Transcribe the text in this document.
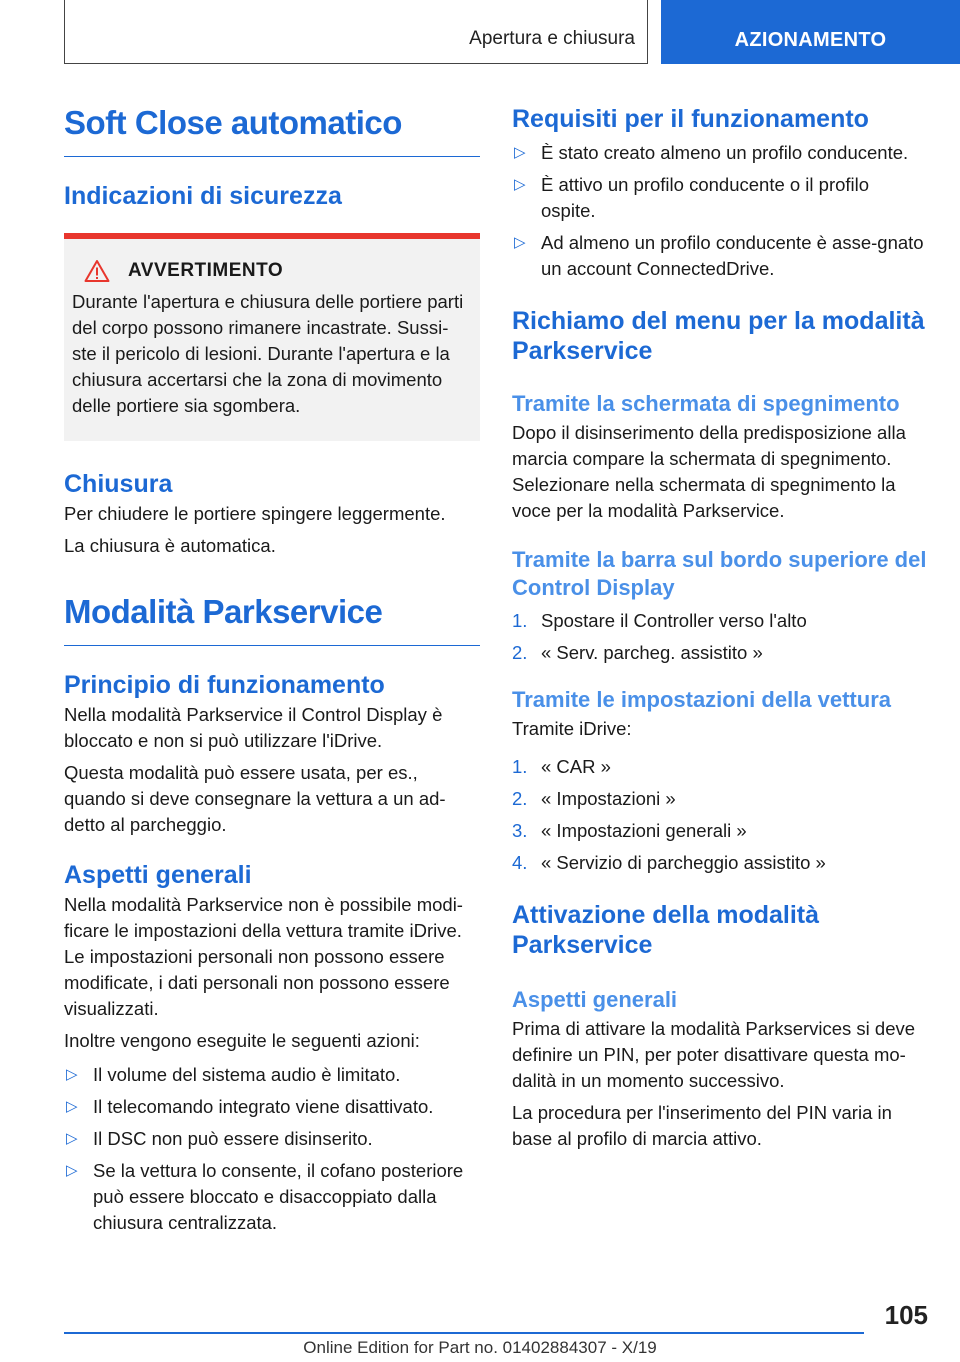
Apertura e chiusura	AZIONAMENTO
Soft Close automatico
Indicazioni di sicurezza
AVVERTIMENTO

Durante l'apertura e chiusura delle portiere parti del corpo possono rimanere incastrate. Sussi-ste il pericolo di lesioni. Durante l'apertura e la chiusura accertarsi che la zona di movimento delle portiere sia sgombera.

Chiusura

Per chiudere le portiere spingere leggermente.

La chiusura è automatica.

Modalità Parkservice
Principio di funzionamento

Nella modalità Parkservice il Control Display è bloccato e non si può utilizzare l'iDrive.

Questa modalità può essere usata, per es., quando si deve consegnare la vettura a un ad-detto al parcheggio.

Aspetti generali

Nella modalità Parkservice non è possibile modi-ficare le impostazioni della vettura tramite iDrive. Le impostazioni personali non possono essere modificate, i dati personali non possono essere visualizzati.

Inoltre vengono eseguite le seguenti azioni:

▷ Il volume del sistema audio è limitato.
▷ Il telecomando integrato viene disattivato.
▷ Il DSC non può essere disinserito.
▷ Se la vettura lo consente, il cofano posteriore può essere bloccato e disaccoppiato dalla chiusura centralizzata.
Requisiti per il funzionamento
▷ È stato creato almeno un profilo conducente.
▷ È attivo un profilo conducente o il profilo ospite.
▷ Ad almeno un profilo conducente è asse-gnato un account ConnectedDrive.
Richiamo del menu per la modalità Parkservice
Tramite la schermata di spegnimento

Dopo il disinserimento della predisposizione alla marcia compare la schermata di spegnimento. Selezionare nella schermata di spegnimento la voce per la modalità Parkservice.

Tramite la barra sul bordo superiore del Control Display
1. Spostare il Controller verso l'alto
2. « Serv. parcheg. assistito »
Tramite le impostazioni della vettura

Tramite iDrive:

1. « CAR »
2. « Impostazioni »
3. « Impostazioni generali »
4. « Servizio di parcheggio assistito »
Attivazione della modalità Parkservice
Aspetti generali

Prima di attivare la modalità Parkservices si deve definire un PIN, per poter disattivare questa mo-dalità in un momento successivo.

La procedura per l'inserimento del PIN varia in base al profilo di marcia attivo.

105
Online Edition for Part no. 01402884307 - X/19
